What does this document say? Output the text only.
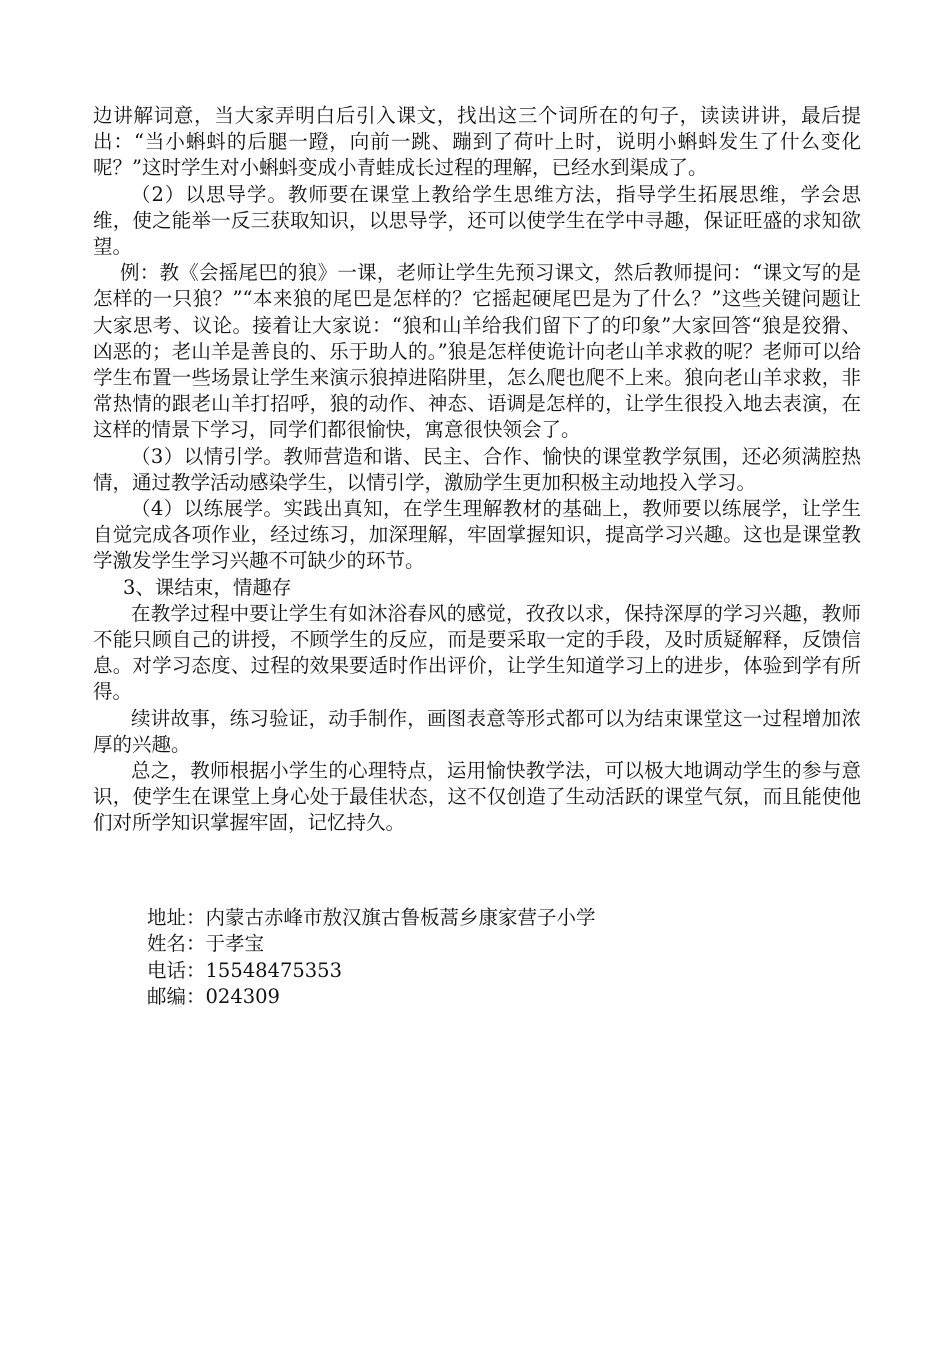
边讲解词意，当大家弄明白后引入课文，找出这三个词所在的句子，读读讲讲，最后提出：“当小蝌蚪的后腿一蹬，向前一跳、蹦到了荷叶上时，说明小蝌蚪发生了什么变化呢？”这时学生对小蝌蚪变成小青蛙成长过程的理解，已经水到渠成了。

（2）以思导学。教师要在课堂上教给学生思维方法，指导学生拓展思维，学会思维，使之能举一反三获取知识，以思导学，还可以使学生在学中寻趣，保证旺盛的求知欲望。

例：教《会摇尾巴的狼》一课，老师让学生先预习课文，然后教师提问：“课文写的是怎样的一只狼？”“本来狼的尾巴是怎样的？它摇起硬尾巴是为了什么？”这些关键问题让大家思考、议论。接着让大家说：“狼和山羊给我们留下了的印象”大家回答“狼是狡猾、凶恶的；老山羊是善良的、乐于助人的。”狼是怎样使诡计向老山羊求救的呢？老师可以给学生布置一些场景让学生来演示狼掉进陷阱里，怎么爬也爬不上来。狼向老山羊求救，非常热情的跟老山羊打招呼，狼的动作、神态、语调是怎样的，让学生很投入地去表演，在这样的情景下学习，同学们都很愉快，寓意很快领会了。

（3）以情引学。教师营造和谐、民主、合作、愉快的课堂教学氛围，还必须满腔热情，通过教学活动感染学生，以情引学，激励学生更加积极主动地投入学习。

（4）以练展学。实践出真知，在学生理解教材的基础上，教师要以练展学，让学生自觉完成各项作业，经过练习，加深理解，牢固掌握知识，提高学习兴趣。这也是课堂教学激发学生学习兴趣不可缺少的环节。

3、课结束，情趣存

在教学过程中要让学生有如沐浴春风的感觉，孜孜以求，保持深厚的学习兴趣，教师不能只顾自己的讲授，不顾学生的反应，而是要采取一定的手段，及时质疑解释，反馈信息。对学习态度、过程的效果要适时作出评价，让学生知道学习上的进步，体验到学有所得。

续讲故事，练习验证，动手制作，画图表意等形式都可以为结束课堂这一过程增加浓厚的兴趣。

总之，教师根据小学生的心理特点，运用愉快教学法，可以极大地调动学生的参与意识，使学生在课堂上身心处于最佳状态，这不仅创造了生动活跃的课堂气氛，而且能使他们对所学知识掌握牢固，记忆持久。

地址：内蒙古赤峰市敖汉旗古鲁板蒿乡康家营子小学

姓名：于孝宝

电话：15548475353

邮编：024309
